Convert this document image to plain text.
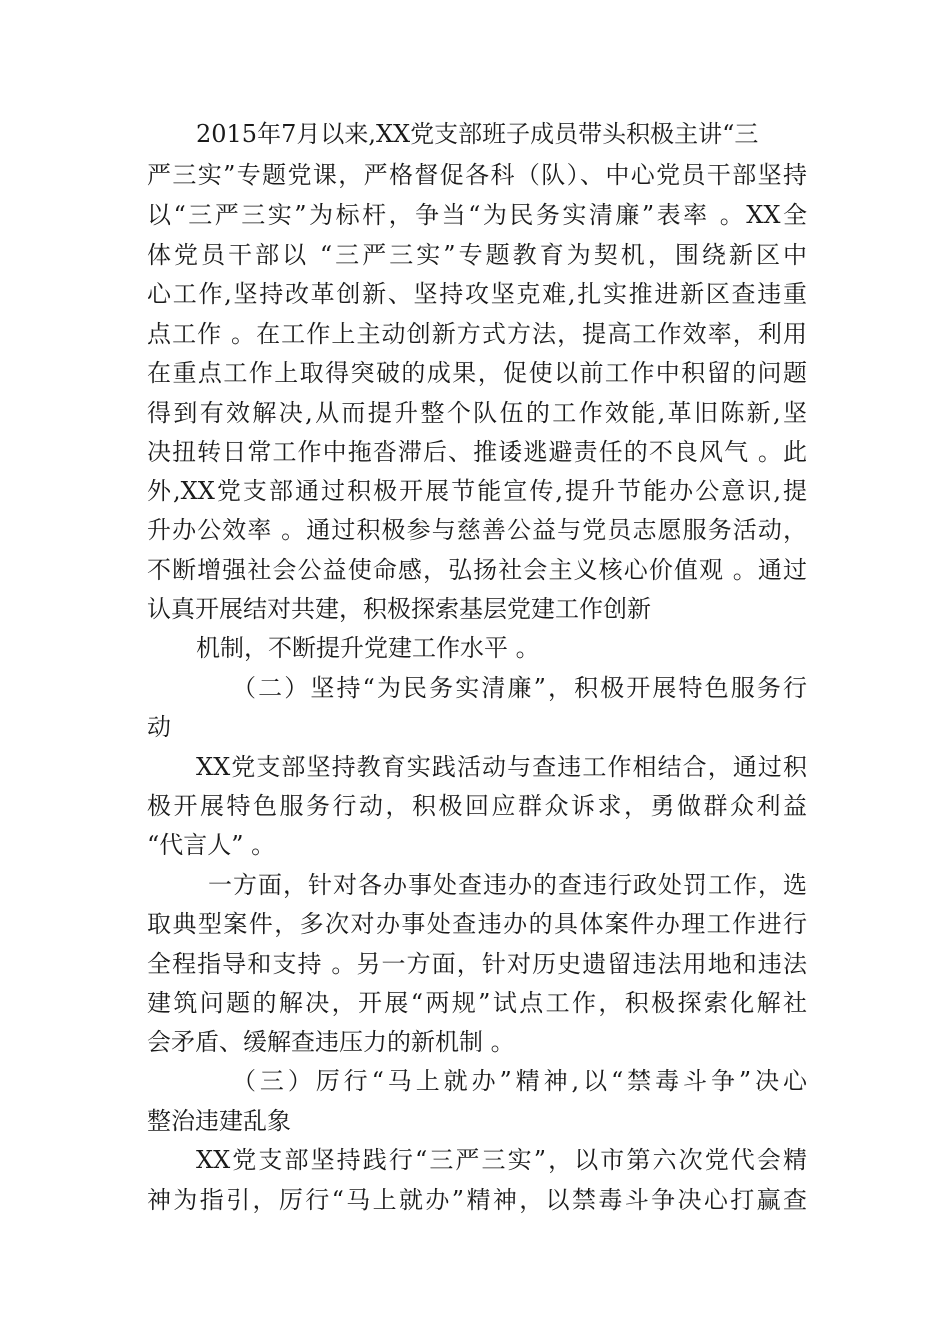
2015年7月以来,XX党支部班子成员带头积极主讲“三
严三实”专题党课，严格督促各科（队）、中心党员干部坚持
以“三严三实”为标杆，争当“为民务实清廉”表率 。XX全
体党员干部以 “三严三实”专题教育为契机，围绕新区中
心工作,坚持改革创新、坚持攻坚克难,扎实推进新区查违重
点工作 。在工作上主动创新方式方法，提高工作效率，利用
在重点工作上取得突破的成果，促使以前工作中积留的问题
得到有效解决,从而提升整个队伍的工作效能,革旧陈新,坚
决扭转日常工作中拖沓滞后、推诿逃避责任的不良风气 。此
外,XX党支部通过积极开展节能宣传,提升节能办公意识,提
升办公效率 。通过积极参与慈善公益与党员志愿服务活动，
不断增强社会公益使命感，弘扬社会主义核心价值观 。通过
认真开展结对共建，积极探索基层党建工作创新
机制，不断提升党建工作水平 。
（二）坚持“为民务实清廉”，积极开展特色服务行
动
XX党支部坚持教育实践活动与查违工作相结合，通过积
极开展特色服务行动，积极回应群众诉求，勇做群众利益
“代言人” 。
一方面，针对各办事处查违办的查违行政处罚工作，选
取典型案件，多次对办事处查违办的具体案件办理工作进行
全程指导和支持 。另一方面，针对历史遗留违法用地和违法
建筑问题的解决，开展“两规”试点工作，积极探索化解社
会矛盾、缓解查违压力的新机制 。
（三）厉行“马上就办”精神,以“禁毒斗争”决心
整治违建乱象
XX党支部坚持践行“三严三实”，以市第六次党代会精
神为指引，厉行“马上就办”精神，以禁毒斗争决心打赢查
